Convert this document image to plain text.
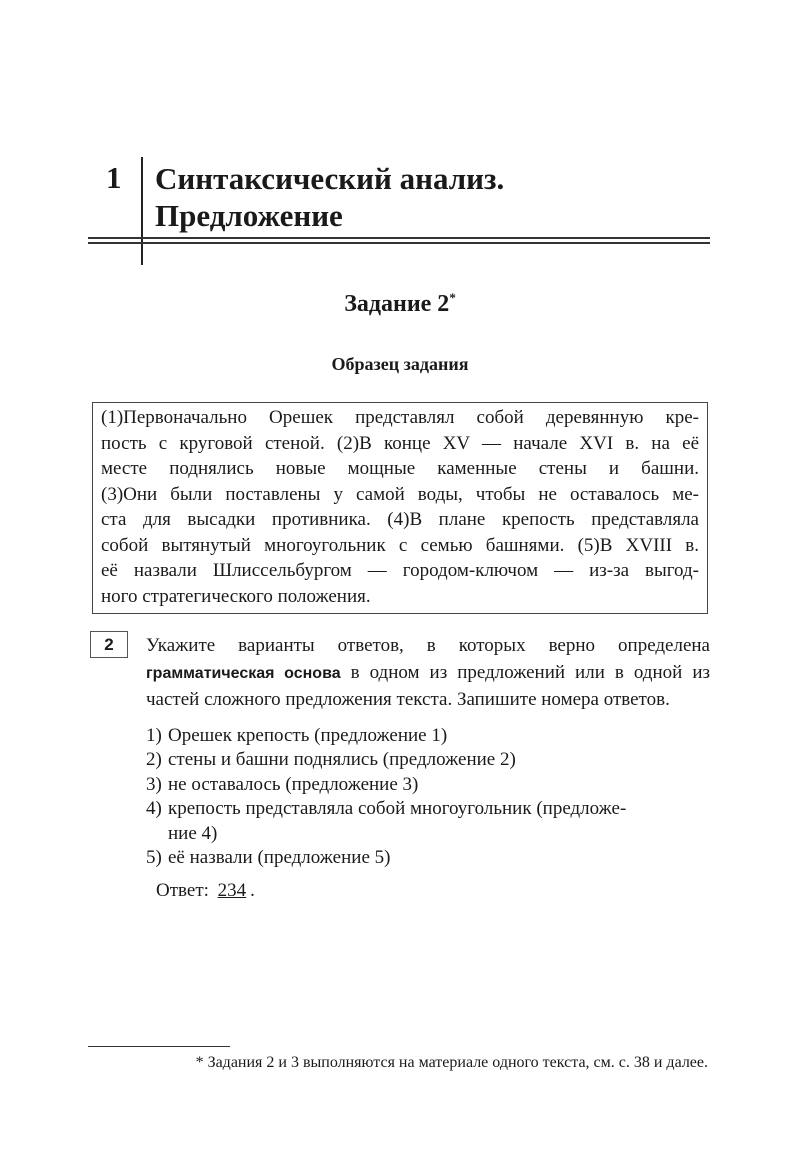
1 Синтаксический анализ.
Предложение
Задание 2*
Образец задания
(1)Первоначально Орешек представлял собой деревянную кре-
пость с круговой стеной. (2)В конце XV — начале XVI в. на её
месте поднялись новые мощные каменные стены и башни.
(3)Они были поставлены у самой воды, чтобы не оставалось ме-
ста для высадки противника. (4)В плане крепость представляла
собой вытянутый многоугольник с семью башнями. (5)В XVIII в.
её назвали Шлиссельбургом — городом-ключом — из-за выгод-
ного стратегического положения.
2	Укажите варианты ответов, в которых верно определена грамматическая основа в одном из предложений или в одной из частей сложного предложения текста. Запишите номера ответов.
1) Орешек крепость (предложение 1)
2) стены и башни поднялись (предложение 2)
3) не оставалось (предложение 3)
4) крепость представляла собой многоугольник (предложе-
ние 4)
5) её назвали (предложение 5)
Ответ: 234 .
* Задания 2 и 3 выполняются на материале одного текста, см. с. 38 и далее.
